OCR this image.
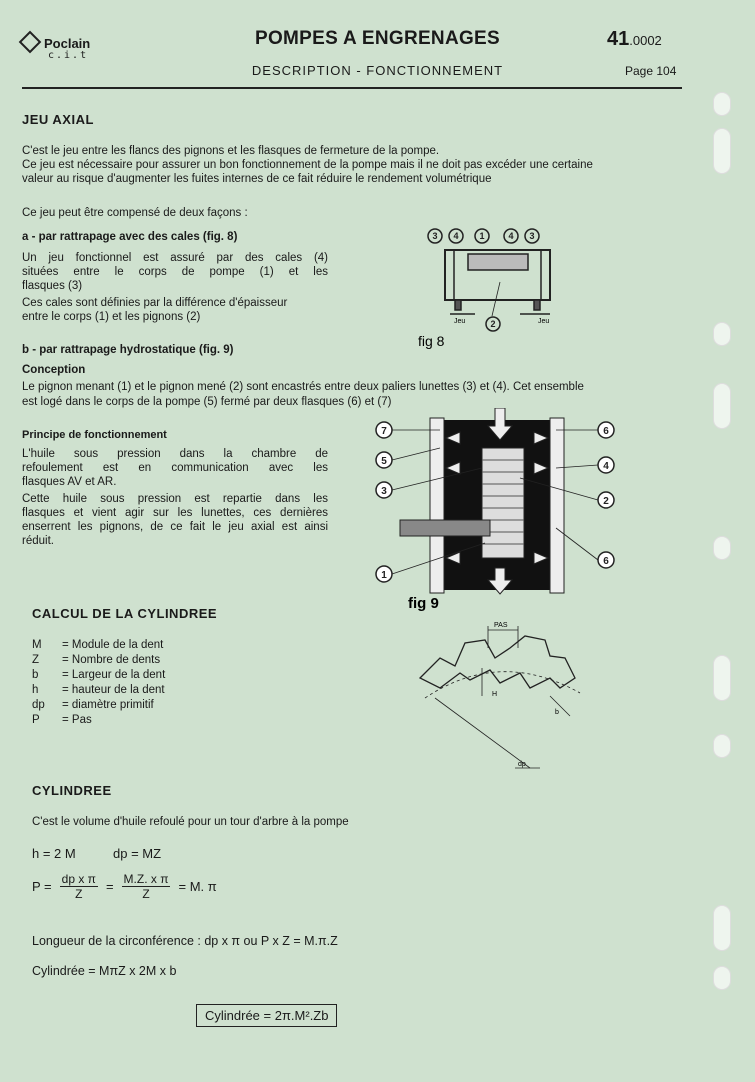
Poclain
c.i.t
POMPES A ENGRENAGES
DESCRIPTION - FONCTIONNEMENT
41.0002
Page 104
JEU AXIAL
C'est le jeu entre les flancs des pignons et les flasques de fermeture de la pompe.
Ce jeu est nécessaire pour assurer un bon fonctionnement de la pompe mais il ne doit pas excéder une certaine
valeur au risque d'augmenter les fuites internes de ce fait réduire le rendement volumétrique
Ce jeu peut être compensé de deux façons :
a - par rattrapage avec des cales (fig. 8)
Un jeu fonctionnel est assuré par des cales (4)
situées entre le corps de pompe (1) et les
flasques (3)
Ces cales sont définies par la différence d'épaisseur
entre le corps (1) et les pignons (2)
3 4 1	4 3
2
Jeu	Jeu
fig 8
b - par rattrapage hydrostatique (fig. 9)
Conception
Le pignon menant (1) et le pignon mené (2) sont encastrés entre deux paliers lunettes (3) et (4). Cet ensemble
est logé dans le corps de la pompe (5) fermé par deux flasques (6) et (7)
Principe de fonctionnement
L'huile sous pression dans la chambre de
refoulement est en communication avec les
flasques AV et AR.
Cette huile sous pression est repartie dans les
flasques et vient agir sur les lunettes, ces dernières
enserrent les pignons, de ce fait le jeu axial est ainsi
réduit.
7
5
3
1
6
4
2
6
fig 9
CALCUL DE LA CYLINDREE
M	= Module de la dent
Z	= Nombre de dents
b	= Largeur de la dent
h	= hauteur de la dent
dp	= diamètre primitif
P	= Pas
PAS
H
b
dp
CYLINDREE
C'est le volume d'huile refoulé pour un tour d'arbre à la pompe
h = 2 M	dp = MZ
$P = \frac{\text{dp x π}}{Z} = \frac{\text{M.Z. x π}}{Z} = M$. π
Longueur de la circonférence : dp x π ou P x Z = M.π.Z
Cylindrée = MπZ x 2M x b
Cylindrée = 2π.M².Zb
